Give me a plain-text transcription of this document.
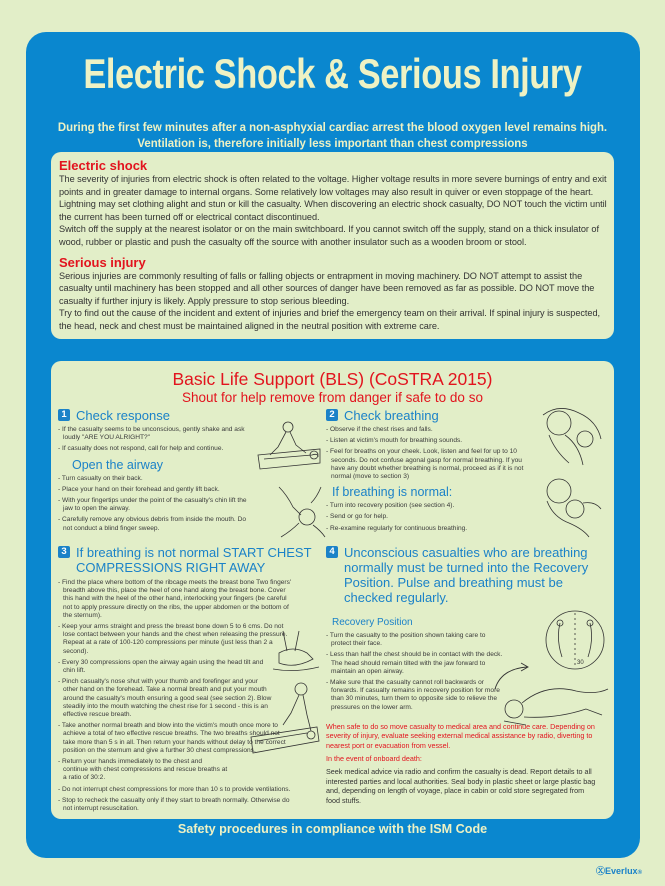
Electric Shock & Serious Injury
During the first few minutes after a non-asphyxial cardiac arrest the blood oxygen level remains high.
Ventilation is, therefore initially less important than chest compressions

Electric shock

The severity of injuries from electric shock is often related to the voltage. Higher voltage results in more severe burnings of entry and exit points and in greater damage to internal organs. Some relatively low voltages may also result in quiver or even stoppage of the heart. Lightning may set clothing alight and stun or kill the casualty. When discovering an electric shock casualty, DO NOT touch the victim until the current has been turned off or electrical contact discontinued.

Switch off the supply at the nearest isolator or on the main switchboard. If you cannot switch off the supply, stand on a thick insulator of wood, rubber or plastic and push the casualty off the source with another insulator such as a wooden broom or stool.

Serious injury

Serious injuries are commonly resulting of falls or falling objects or entrapment in moving machinery. DO NOT attempt to assist the casualty until machinery has been stopped and all other sources of danger have been removed as far as possible. DO NOT move the casualty if further injury is likely. Apply pressure to stop serious bleeding.

Try to find out the cause of the incident and extent of injuries and brief the emergency team on their arrival. If spinal injury is suspected, the head, neck and chest must be maintained aligned in the neutral position with extreme care.

Basic Life Support (BLS) (CoSTRA 2015)
Shout for help remove from danger if safe to do so

1 Check response

- If the casualty seems to be unconscious, gently shake and ask loudly "ARE YOU ALRIGHT?"
- If casualty does not respond, call for help and continue.

Open the airway

- Turn casualty on their back.
- Place your hand on their forehead and gently lift back.
- With your fingertips under the point of the casualty's chin lift the jaw to open the airway.
- Carefully remove any obvious debris from inside the mouth. Do not conduct a blind finger sweep.

2 Check breathing

- Observe if the chest rises and falls.
- Listen at victim's mouth for breathing sounds.
- Feel for breaths on your cheek. Look, listen and feel for up to 10 seconds. Do not confuse agonal gasp for normal breathing. If you have any doubt whether breathing is normal, proceed as if it is not normal (move to section 3)

If breathing is normal:

- Turn into recovery position (see section 4).
- Send or go for help.
- Re-examine regularly for continuous breathing.

3 If breathing is not normal START CHEST COMPRESSIONS RIGHT AWAY

- Find the place where bottom of the ribcage meets the breast bone Two fingers' breadth above this, place the heel of one hand along the breast bone. Cover this hand with the heel of the other hand, interlocking your fingers (be careful not to apply pressure directly on the ribs, the upper abdomen or the bottom of the sternum).
- Keep your arms straight and press the breast bone down 5 to 6 cms. Do not lose contact between your hands and the chest when releasing the pressure. Repeat at a rate of 100-120 compressions per minute (just less than 2 a second).
- Every 30 compressions open the airway again using the head tilt and chin lift.
- Pinch casualty's nose shut with your thumb and forefinger and your other hand on the forehead. Take a normal breath and put your mouth around the casualty's mouth ensuring a good seal (see section 2). Blow steadily into the mouth watching the chest rise for 1 second - this is an effective rescue breath.
- Take another normal breath and blow into the victim's mouth once more to achieve a total of two effective rescue breaths. The two breaths should not take more than 5 s in all. Then return your hands without delay to the correct position on the sternum and give a further 30 chest compressions.
- Return your hands immediately to the chest and continue with chest compressions and rescue breaths at a ratio of 30:2.
- Do not interrupt chest compressions for more than 10 s to provide ventilations.
- Stop to recheck the casualty only if they start to breath normally. Otherwise do not interrupt resuscitation.

4 Unconscious casualties who are breathing normally must be turned into the Recovery Position. Pulse and breathing must be checked regularly.

Recovery Position

- Turn the casualty to the position shown taking care to protect their face.
- Less than half the chest should be in contact with the deck. The head should remain tilted with the jaw forward to maintain an open airway.
- Make sure that the casualty cannot roll backwards or forwards. If casualty remains in recovery position for more than 30 minutes, turn them to opposite side to relieve the pressures on the lower arm.

When safe to do so move casualty to medical area and continue care. Depending on severity of injury, evaluate seeking external medical assistance by radio, diverting to nearest port or evacuation from vessel.

In the event of onboard death:

Seek medical advice via radio and confirm the casualty is dead. Report details to all interested parties and local authorities. Seal body in plastic sheet or large plastic bag and, depending on length of voyage, place in cabin or cold store segregated from food stuffs.

30
Safety procedures in compliance with the ISM Code
ⓍEverlux®
